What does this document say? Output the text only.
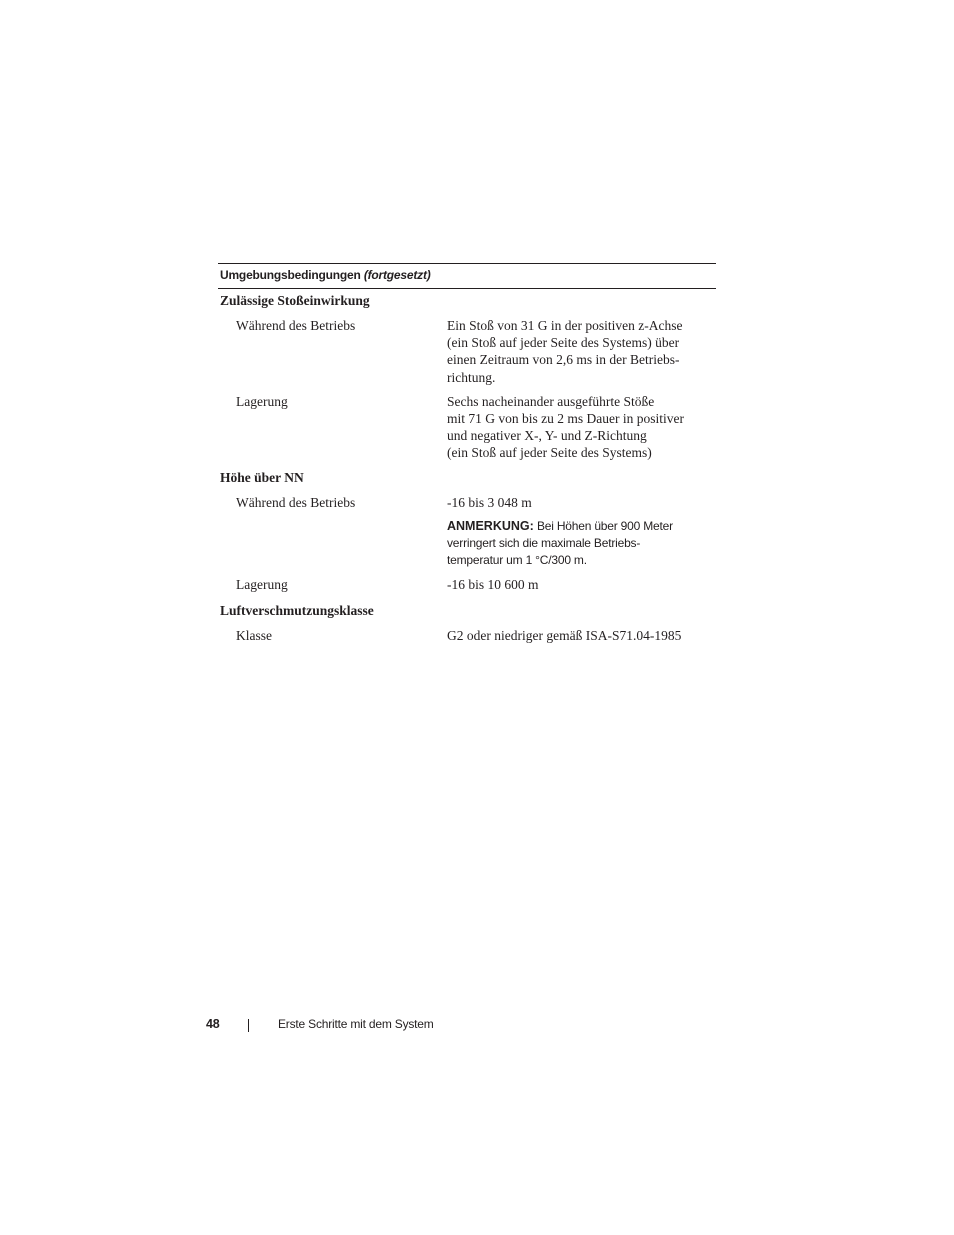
Umgebungsbedingungen (fortgesetzt)
Zulässige Stoßeinwirkung
Während des Betriebs	Ein Stoß von 31 G in der positiven z-Achse

(ein Stoß auf jeder Seite des Systems) über

einen Zeitraum von 2,6 ms in der Betriebs-

richtung.

Lagerung	Sechs nacheinander ausgeführte Stöße

mit 71 G von bis zu 2 ms Dauer in positiver

und negativer X-, Y- und Z-Richtung

(ein Stoß auf jeder Seite des Systems)

Höhe über NN
Während des Betriebs	-16 bis 3 048 m

ANMERKUNG: Bei Höhen über 900 Meter

verringert sich die maximale Betriebs-

temperatur um 1 °C/300 m.

Lagerung	-16 bis 10 600 m

Luftverschmutzungsklasse
Klasse	G2 oder niedriger gemäß ISA-S71.04-1985

48	Erste Schritte mit dem System
